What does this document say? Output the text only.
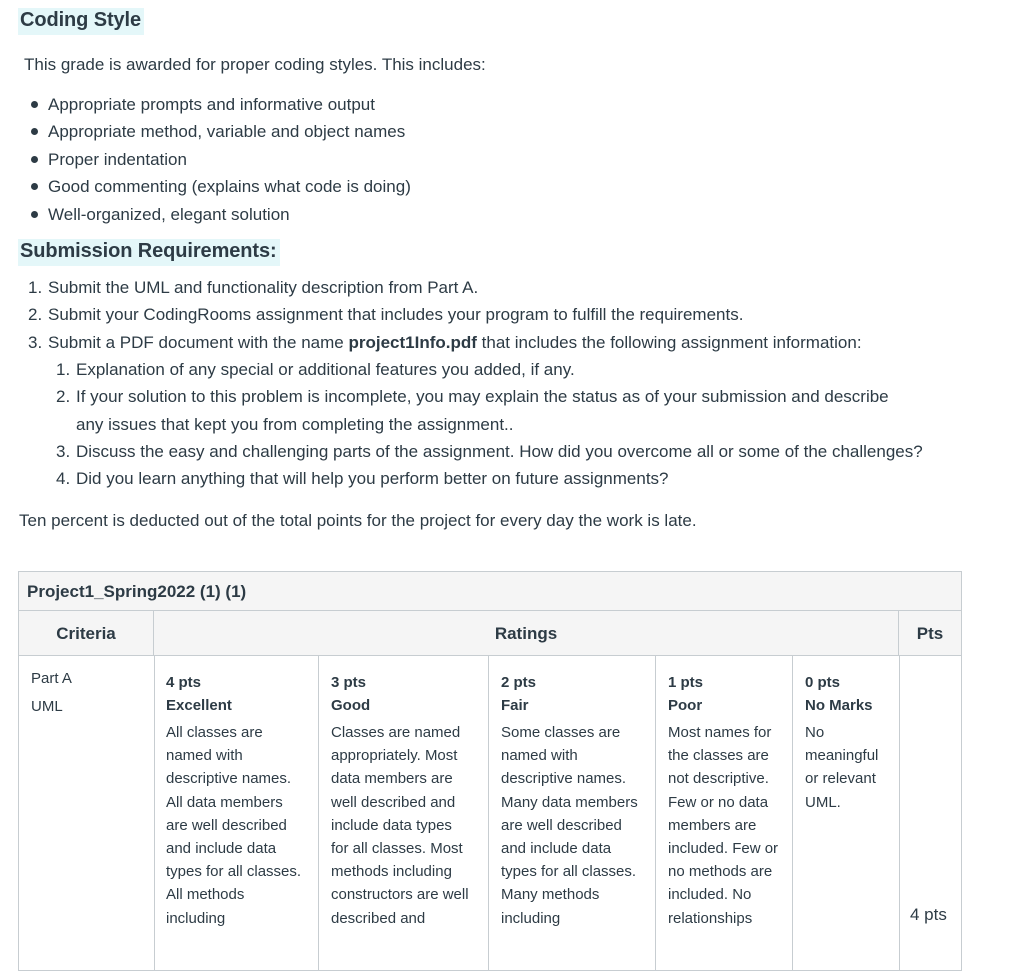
Coding Style
This grade is awarded for proper coding styles. This includes:
Appropriate prompts and informative output
Appropriate method, variable and object names
Proper indentation
Good commenting (explains what code is doing)
Well-organized, elegant solution
Submission Requirements:
1. Submit the UML and functionality description from Part A.
2. Submit your CodingRooms assignment that includes your program to fulfill the requirements.
3. Submit a PDF document with the name project1Info.pdf that includes the following assignment information:
1. Explanation of any special or additional features you added, if any.
2. If your solution to this problem is incomplete, you may explain the status as of your submission and describe
any issues that kept you from completing the assignment..
3. Discuss the easy and challenging parts of the assignment. How did you overcome all or some of the challenges?
4. Did you learn anything that will help you perform better on future assignments?
Ten percent is deducted out of the total points for the project for every day the work is late.
Project1_Spring2022 (1) (1)
Criteria	Ratings	Pts
Part A
UML
4 pts
Excellent
All classes are
named with
descriptive names.
All data members
are well described
and include data
types for all classes.
All methods
including
3 pts
Good
Classes are named
appropriately. Most
data members are
well described and
include data types
for all classes. Most
methods including
constructors are well
described and
2 pts
Fair
Some classes are
named with
descriptive names.
Many data members
are well described
and include data
types for all classes.
Many methods
including
1 pts
Poor
Most names for
the classes are
not descriptive.
Few or no data
members are
included. Few or
no methods are
included. No
relationships
0 pts
No Marks
No
meaningful
or relevant
UML.
4 pts
